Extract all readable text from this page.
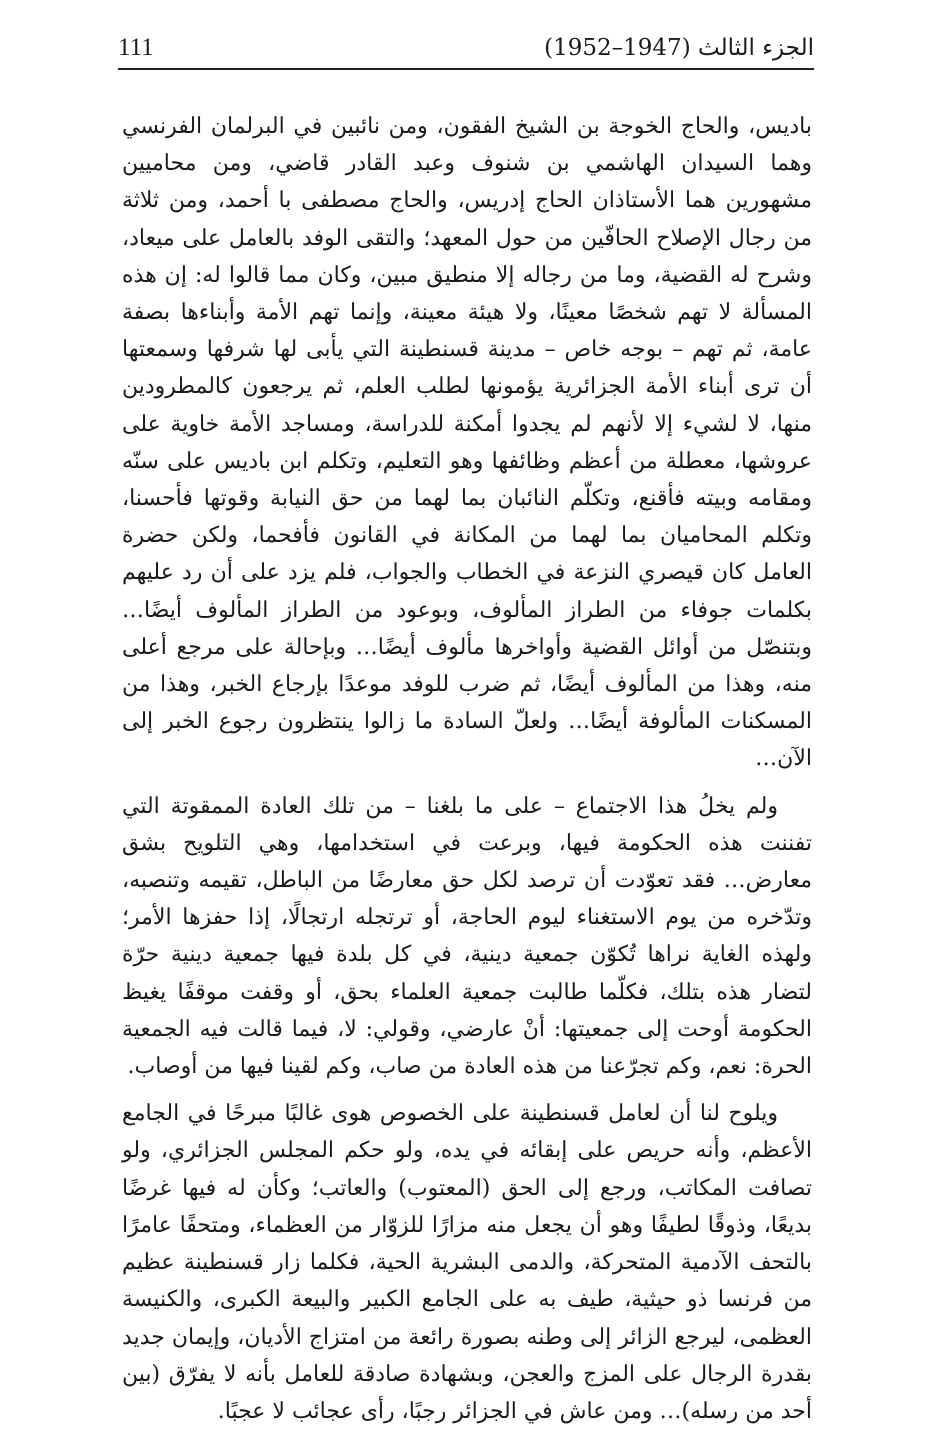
الجزء الثالث (1947–1952)
111

باديس، والحاج الخوجة بن الشيخ الفقون، ومن نائبين في البرلمان الفرنسي وهما السيدان الهاشمي بن شنوف وعبد القادر قاضي، ومن محاميين مشهورين هما الأستاذان الحاج إدريس، والحاج مصطفى با أحمد، ومن ثلاثة من رجال الإصلاح الحافّين من حول المعهد؛ والتقى الوفد بالعامل على ميعاد، وشرح له القضية، وما من رجاله إلا منطيق مبين، وكان مما قالوا له: إن هذه المسألة لا تهم شخصًا معينًا، ولا هيئة معينة، وإنما تهم الأمة وأبناءها بصفة عامة، ثم تهم – بوجه خاص – مدينة قسنطينة التي يأبى لها شرفها وسمعتها أن ترى أبناء الأمة الجزائرية يؤمونها لطلب العلم، ثم يرجعون كالمطرودين منها، لا لشيء إلا لأنهم لم يجدوا أمكنة للدراسة، ومساجد الأمة خاوية على عروشها، معطلة من أعظم وظائفها وهو التعليم، وتكلم ابن باديس على سنّه ومقامه وبيته فأقنع، وتكلّم النائبان بما لهما من حق النيابة وقوتها فأحسنا، وتكلم المحاميان بما لهما من المكانة في القانون فأفحما، ولكن حضرة العامل كان قيصري النزعة في الخطاب والجواب، فلم يزد على أن رد عليهم بكلمات جوفاء من الطراز المألوف، وبوعود من الطراز المألوف أيضًا… وبتنصّل من أوائل القضية وأواخرها مألوف أيضًا… وبإحالة على مرجع أعلى منه، وهذا من المألوف أيضًا، ثم ضرب للوفد موعدًا بإرجاع الخبر، وهذا من المسكنات المألوفة أيضًا… ولعلّ السادة ما زالوا ينتظرون رجوع الخبر إلى الآن…

ولم يخلُ هذا الاجتماع – على ما بلغنا – من تلك العادة الممقوتة التي تفننت هذه الحكومة فيها، وبرعت في استخدامها، وهي التلويح بشق معارض… فقد تعوّدت أن ترصد لكل حق معارضًا من الباطل، تقيمه وتنصبه، وتدّخره من يوم الاستغناء ليوم الحاجة، أو ترتجله ارتجالًا، إذا حفزها الأمر؛ ولهذه الغاية نراها تُكوّن جمعية دينية، في كل بلدة فيها جمعية دينية حرّة لتضار هذه بتلك، فكلّما طالبت جمعية العلماء بحق، أو وقفت موقفًا يغيظ الحكومة أوحت إلى جمعيتها: أنْ عارضي، وقولي: لا، فيما قالت فيه الجمعية الحرة: نعم، وكم تجرّعنا من هذه العادة من صاب، وكم لقينا فيها من أوصاب.

ويلوح لنا أن لعامل قسنطينة على الخصوص هوى غالبًا مبرحًا في الجامع الأعظم، وأنه حريص على إبقائه في يده، ولو حكم المجلس الجزائري، ولو تصافت المكاتب، ورجع إلى الحق (المعتوب) والعاتب؛ وكأن له فيها غرضًا بديعًا، وذوقًا لطيفًا وهو أن يجعل منه مزارًا للزوّار من العظماء، ومتحفًا عامرًا بالتحف الآدمية المتحركة، والدمى البشرية الحية، فكلما زار قسنطينة عظيم من فرنسا ذو حيثية، طيف به على الجامع الكبير والبيعة الكبرى، والكنيسة العظمى، ليرجع الزائر إلى وطنه بصورة رائعة من امتزاج الأديان، وإيمان جديد بقدرة الرجال على المزج والعجن، وبشهادة صادقة للعامل بأنه لا يفرّق (بين أحد من رسله)… ومن عاش في الجزائر رجبًا، رأى عجائب لا عجبًا.
